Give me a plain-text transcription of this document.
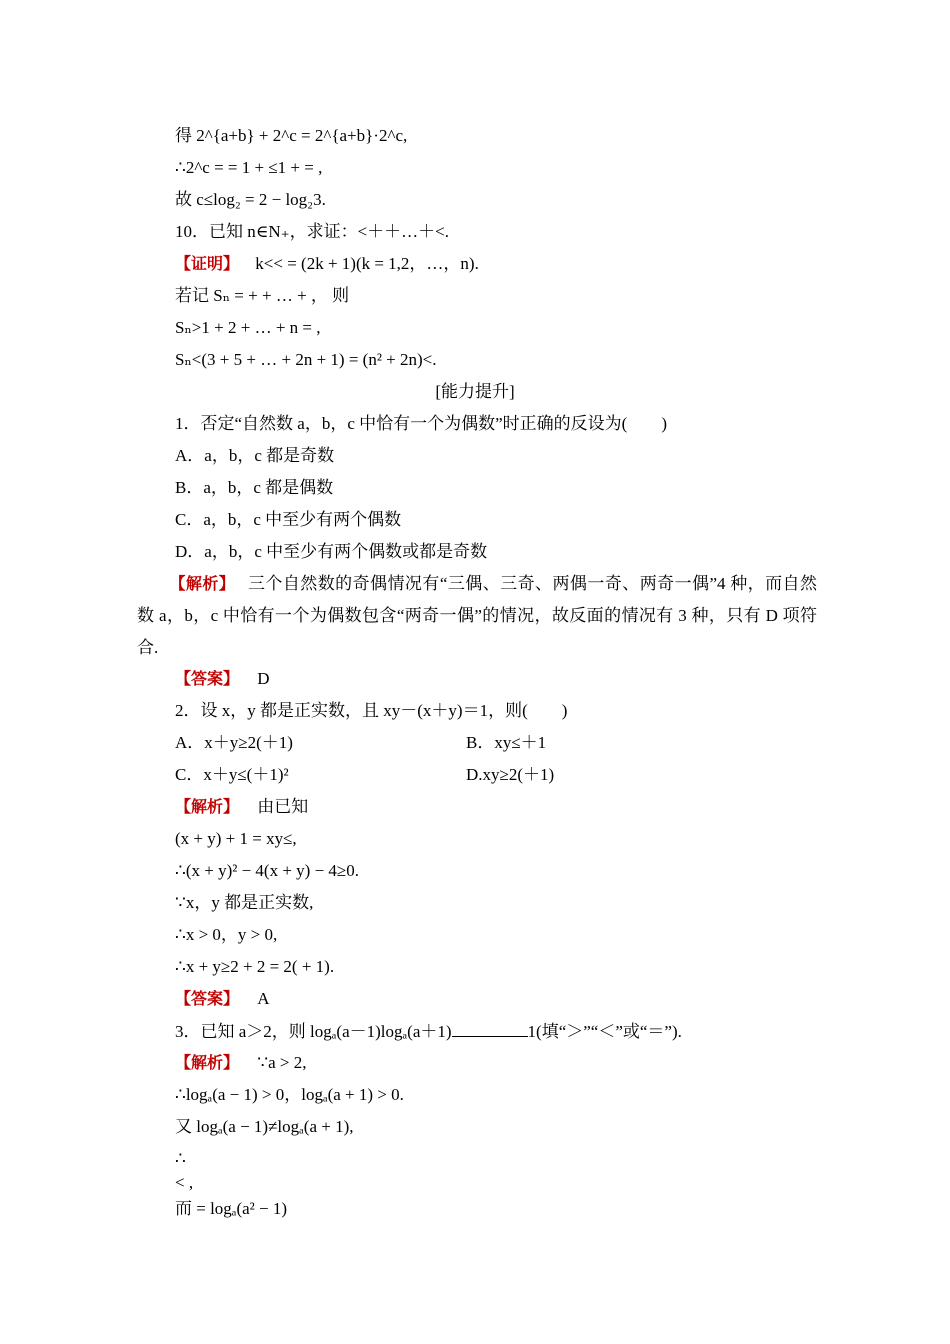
得 2^{a+b} + 2^c = 2^{a+b}·2^c,
∴2^c = = 1 + ≤1 + = ,
故 c≤log₂ = 2 − log₂3.
10．已知 n∈N₊，求证：<＋＋…＋<.
【证明】 k<< = (2k + 1)(k = 1,2，…，n).
若记 Sₙ = + + … + ， 则
Sₙ>1 + 2 + … + n = ,
Sₙ<(3 + 5 + … + 2n + 1) = (n² + 2n)<.
[能力提升]
1．否定“自然数 a，b，c 中恰有一个为偶数”时正确的反设为(　　)
A．a，b，c 都是奇数
B．a，b，c 都是偶数
C．a，b，c 中至少有两个偶数
D．a，b，c 中至少有两个偶数或都是奇数
【解析】 三个自然数的奇偶情况有“三偶、三奇、两偶一奇、两奇一偶”4 种，而自然数 a，b，c 中恰有一个为偶数包含“两奇一偶”的情况，故反面的情况有 3 种，只有 D 项符合.
【答案】 D
2．设 x，y 都是正实数，且 xy－(x＋y)＝1，则(　　)
A．x＋y≥2(＋1)	B．xy≤＋1
C．x＋y≤(＋1)²	D.xy≥2(＋1)
【解析】 由已知
(x + y) + 1 = xy≤,
∴(x + y)² − 4(x + y) − 4≥0.
∵x，y 都是正实数,
∴x > 0，y > 0,
∴x + y≥2 + 2 = 2( + 1).
【答案】 A
3．已知 a＞2，则 logₐ(a－1)logₐ(a＋1)	1(填“＞”“＜”或“＝”).
【解析】 ∵a > 2,
∴logₐ(a − 1) > 0，logₐ(a + 1) > 0.
又 logₐ(a − 1)≠logₐ(a + 1),
∴
< ,
而 = logₐ(a² − 1)
